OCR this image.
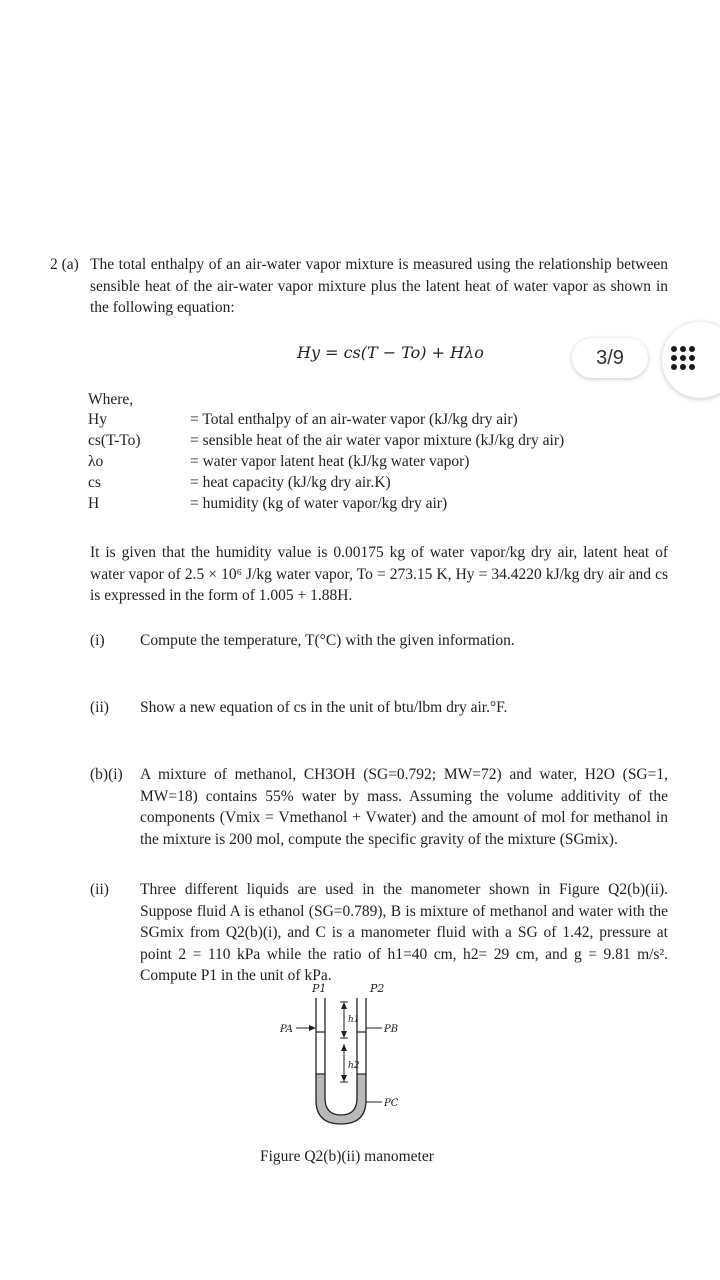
2 (a) The total enthalpy of an air-water vapor mixture is measured using the relationship between sensible heat of the air-water vapor mixture plus the latent heat of water vapor as shown in the following equation:
Hy = cs(T − To) + Hλo
Where,
Hy	= Total enthalpy of an air-water vapor (kJ/kg dry air)
cs(T-To)	= sensible heat of the air water vapor mixture (kJ/kg dry air)
λo	= water vapor latent heat (kJ/kg water vapor)
cs	= heat capacity (kJ/kg dry air.K)
H	= humidity (kg of water vapor/kg dry air)
It is given that the humidity value is 0.00175 kg of water vapor/kg dry air, latent heat of water vapor of 2.5 × 10⁶ J/kg water vapor, To = 273.15 K, Hy = 34.4220 kJ/kg dry air and cs is expressed in the form of 1.005 + 1.88H.
(i) Compute the temperature, T(°C) with the given information.
(ii) Show a new equation of cs in the unit of btu/lbm dry air.°F.
(b)(i) A mixture of methanol, CH3OH (SG=0.792; MW=72) and water, H2O (SG=1, MW=18) contains 55% water by mass. Assuming the volume additivity of the components (Vmix = Vmethanol + Vwater) and the amount of mol for methanol in the mixture is 200 mol, compute the specific gravity of the mixture (SGmix).
(ii) Three different liquids are used in the manometer shown in Figure Q2(b)(ii). Suppose fluid A is ethanol (SG=0.789), B is mixture of methanol and water with the SGmix from Q2(b)(i), and C is a manometer fluid with a SG of 1.42, pressure at point 2 = 110 kPa while the ratio of h1=40 cm, h2= 29 cm, and g = 9.81 m/s². Compute P1 in the unit of kPa.
P1	P2
PA	PB
PC
h1
h2
Figure Q2(b)(ii) manometer
3/9
